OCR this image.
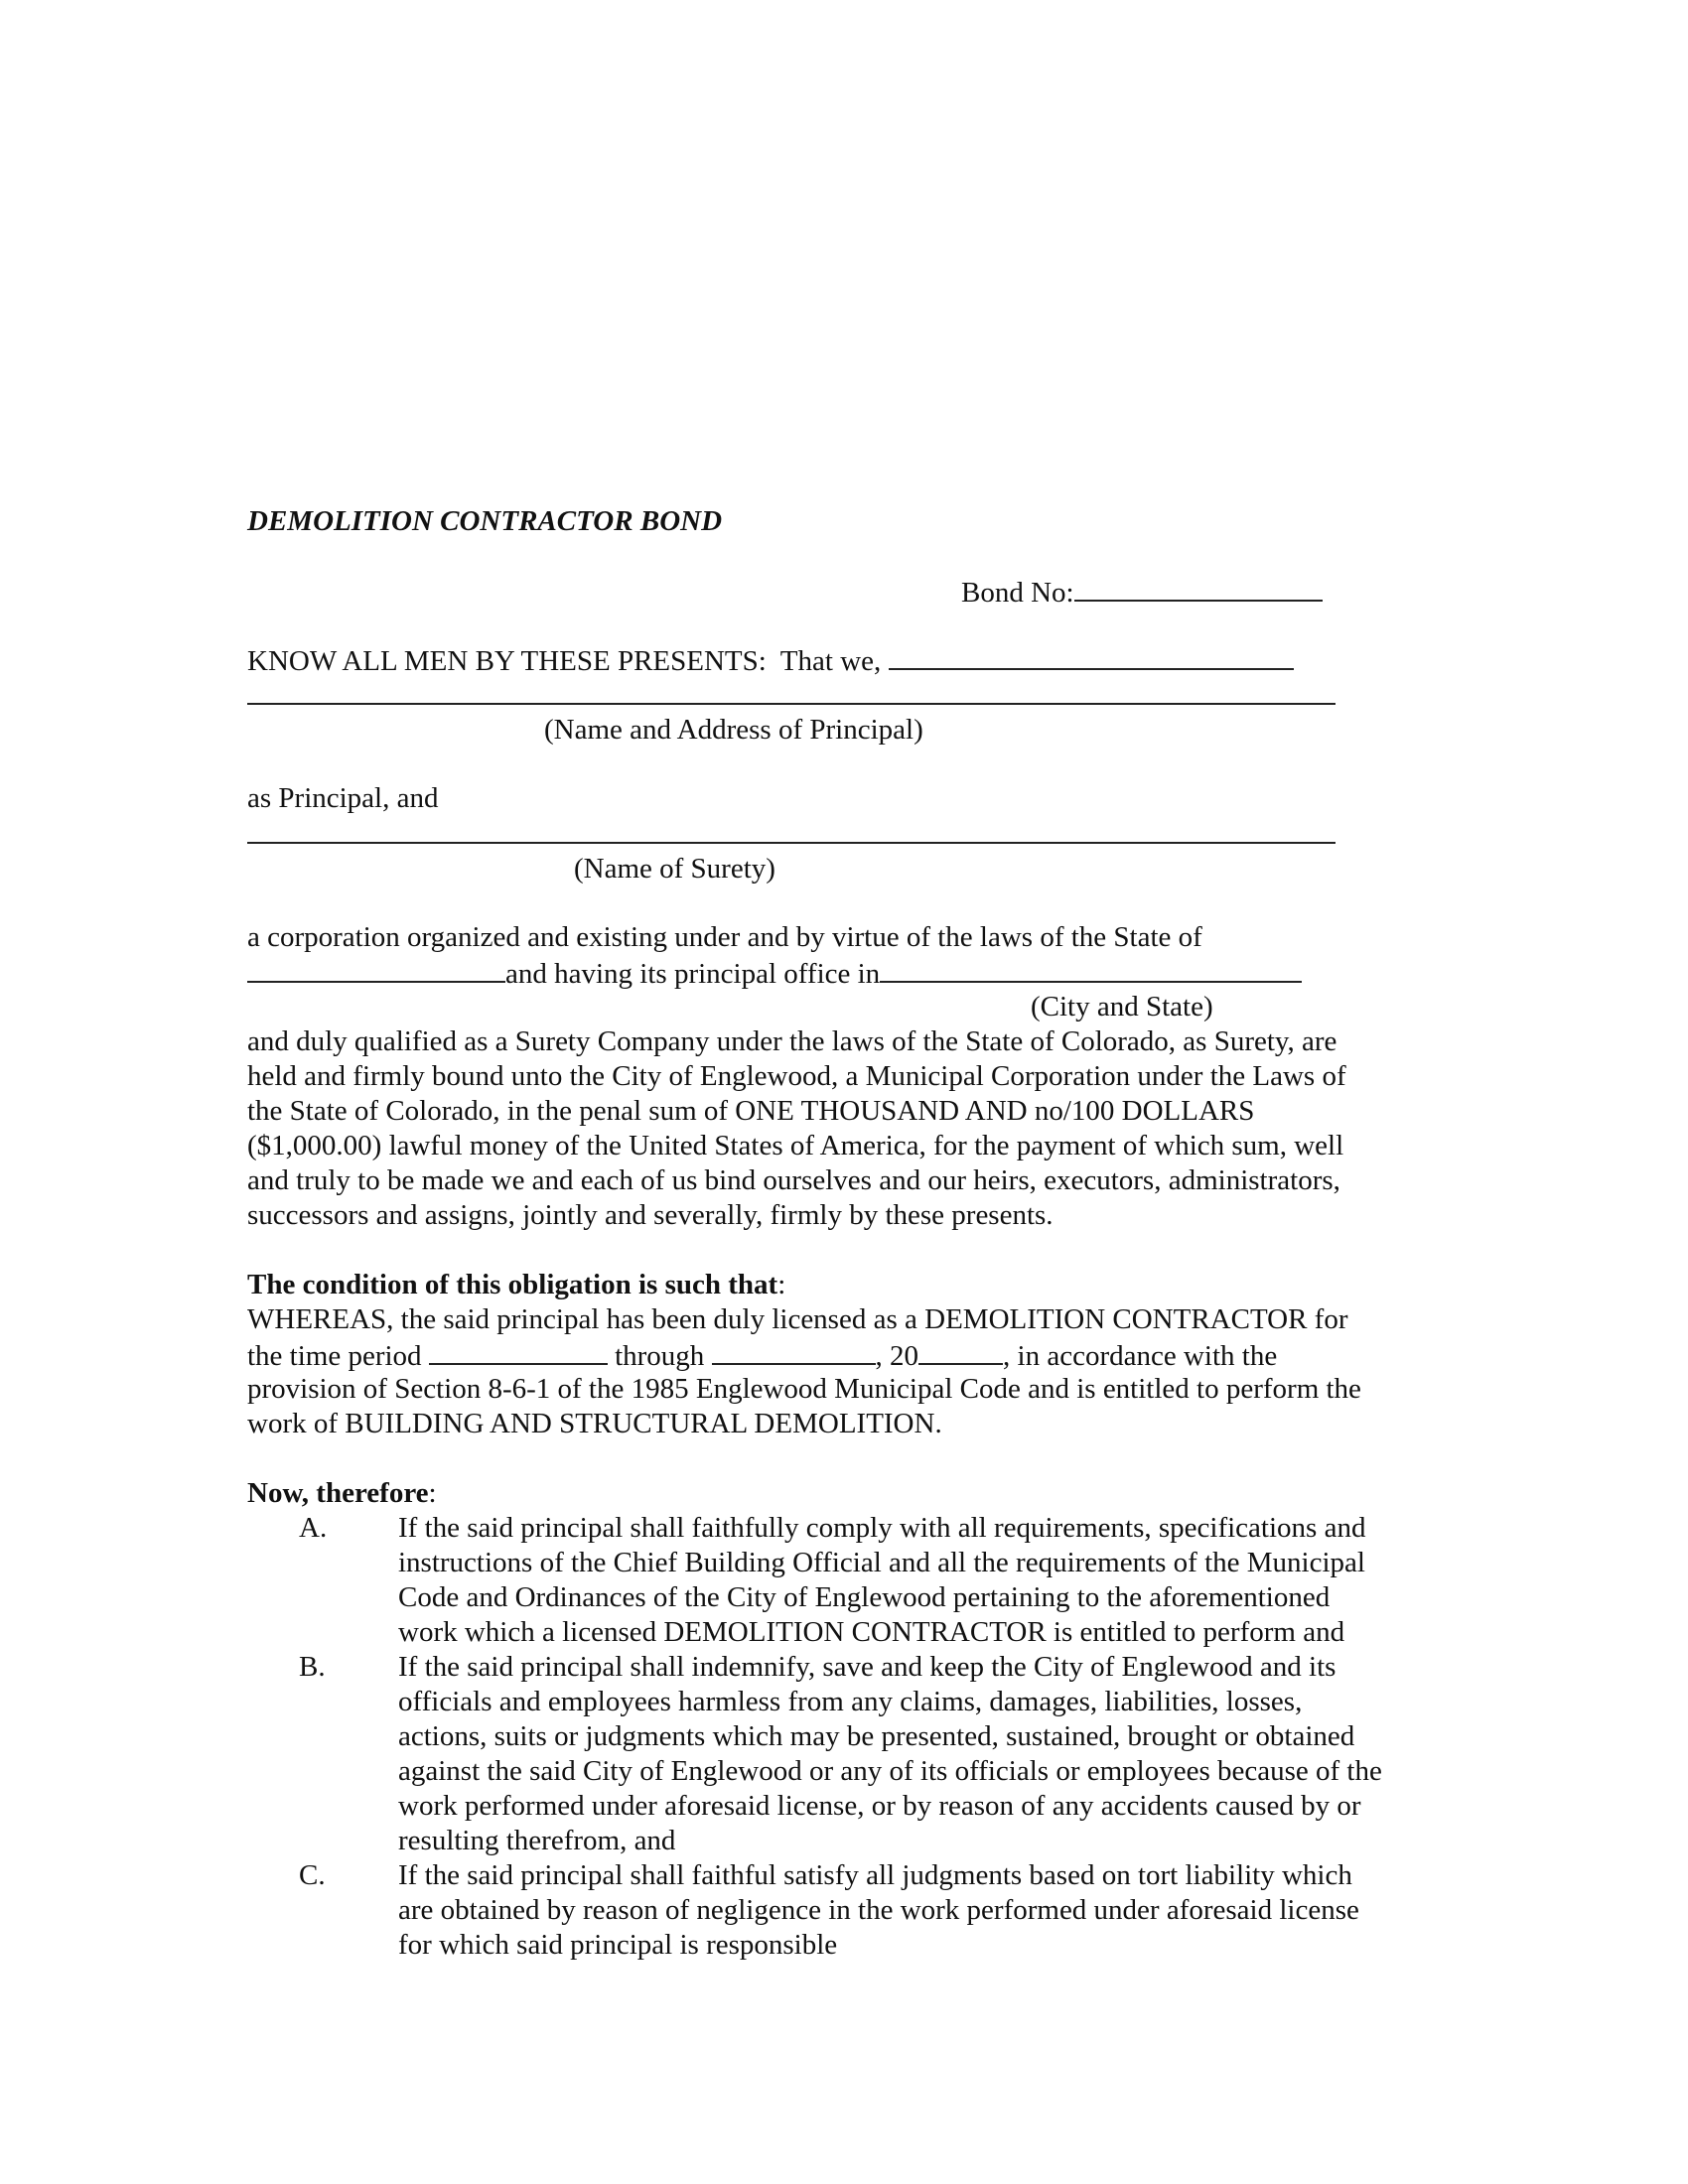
DEMOLITION CONTRACTOR BOND
Bond No:
KNOW ALL MEN BY THESE PRESENTS:  That we,
(Name and Address of Principal)
as Principal, and
(Name of Surety)
a corporation organized and existing under and by virtue of the laws of the State of
and having its principal office in
(City and State)
and duly qualified as a Surety Company under the laws of the State of Colorado, as Surety, are
held and firmly bound unto the City of Englewood, a Municipal Corporation under the Laws of
the State of Colorado, in the penal sum of ONE THOUSAND AND no/100 DOLLARS
($1,000.00) lawful money of the United States of America, for the payment of which sum, well
and truly to be made we and each of us bind ourselves and our heirs, executors, administrators,
successors and assigns, jointly and severally, firmly by these presents.
The condition of this obligation is such that:
WHEREAS, the said principal has been duly licensed as a DEMOLITION CONTRACTOR for
the time period	through	, 20	, in accordance with the
provision of Section 8-6-1 of the 1985 Englewood Municipal Code and is entitled to perform the
work of BUILDING AND STRUCTURAL DEMOLITION.
Now, therefore:
A. If the said principal shall faithfully comply with all requirements, specifications and
instructions of the Chief Building Official and all the requirements of the Municipal
Code and Ordinances of the City of Englewood pertaining to the aforementioned
work which a licensed DEMOLITION CONTRACTOR is entitled to perform and
B.	If the said principal shall indemnify, save and keep the City of Englewood and its
officials and employees harmless from any claims, damages, liabilities, losses,
actions, suits or judgments which may be presented, sustained, brought or obtained
against the said City of Englewood or any of its officials or employees because of the
work performed under aforesaid license, or by reason of any accidents caused by or
resulting therefrom, and
C.	If the said principal shall faithful satisfy all judgments based on tort liability which
are obtained by reason of negligence in the work performed under aforesaid license
for which said principal is responsible
